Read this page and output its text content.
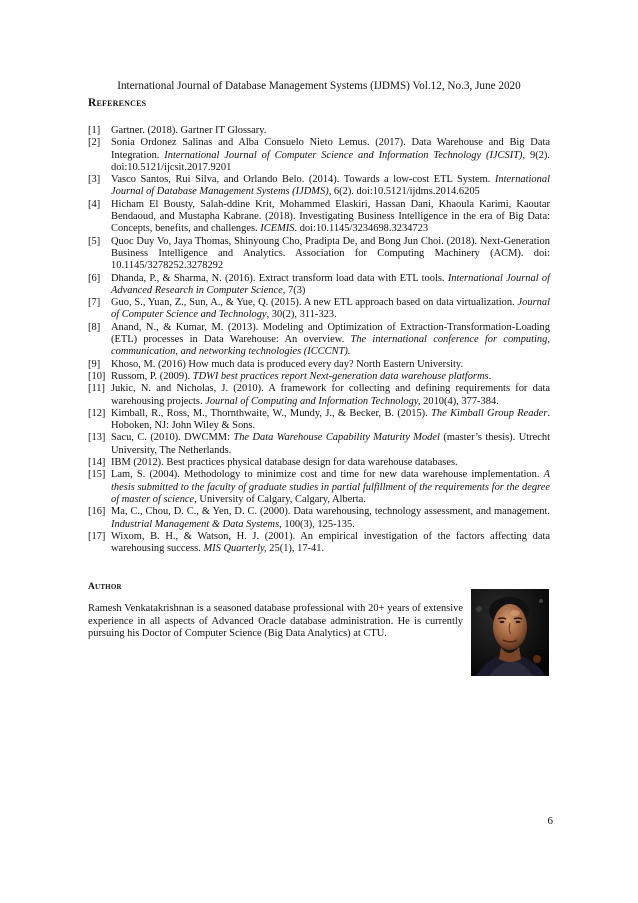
International Journal of Database Management Systems (IJDMS) Vol.12, No.3, June 2020
References
[1] Gartner. (2018). Gartner IT Glossary.
[2] Sonia Ordonez Salinas and Alba Consuelo Nieto Lemus. (2017). Data Warehouse and Big Data Integration. International Journal of Computer Science and Information Technology (IJCSIT), 9(2). doi:10.5121/ijcsit.2017.9201
[3] Vasco Santos, Rui Silva, and Orlando Belo. (2014). Towards a low-cost ETL System. International Journal of Database Management Systems (IJDMS), 6(2). doi:10.5121/ijdms.2014.6205
[4] Hicham El Bousty, Salah-ddine Krit, Mohammed Elaskiri, Hassan Dani, Khaoula Karimi, Kaoutar Bendaoud, and Mustapha Kabrane. (2018). Investigating Business Intelligence in the era of Big Data: Concepts, benefits, and challenges. ICEMIS. doi:10.1145/3234698.3234723
[5] Quoc Duy Vo, Jaya Thomas, Shinyoung Cho, Pradipta De, and Bong Jun Choi. (2018). Next-Generation Business Intelligence and Analytics. Association for Computing Machinery (ACM). doi: 10.1145/3278252.3278292
[6] Dhanda, P., & Sharma, N. (2016). Extract transform load data with ETL tools. International Journal of Advanced Research in Computer Science, 7(3)
[7] Guo, S., Yuan, Z., Sun, A., & Yue, Q. (2015). A new ETL approach based on data virtualization. Journal of Computer Science and Technology, 30(2), 311-323.
[8] Anand, N., & Kumar, M. (2013). Modeling and Optimization of Extraction-Transformation-Loading (ETL) processes in Data Warehouse: An overview. The international conference for computing, communication, and networking technologies (ICCCNT).
[9] Khoso, M. (2016) How much data is produced every day? North Eastern University.
[10] Russom, P. (2009). TDWI best practices report Next-generation data warehouse platforms.
[11] Jukic, N. and Nicholas, J. (2010). A framework for collecting and defining requirements for data warehousing projects. Journal of Computing and Information Technology, 2010(4), 377-384.
[12] Kimball, R., Ross, M., Thornthwaite, W., Mundy, J., & Becker, B. (2015). The Kimball Group Reader. Hoboken, NJ: John Wiley & Sons.
[13] Sacu, C. (2010). DWCMM: The Data Warehouse Capability Maturity Model (master’s thesis). Utrecht University, The Netherlands.
[14] IBM (2012). Best practices physical database design for data warehouse databases.
[15] Lam, S. (2004). Methodology to minimize cost and time for new data warehouse implementation. A thesis submitted to the faculty of graduate studies in partial fulfillment of the requirements for the degree of master of science, University of Calgary, Calgary, Alberta.
[16] Ma, C., Chou, D. C., & Yen, D. C. (2000). Data warehousing, technology assessment, and management. Industrial Management & Data Systems, 100(3), 125-135.
[17] Wixom, B. H., & Watson, H. J. (2001). An empirical investigation of the factors affecting data warehousing success. MIS Quarterly, 25(1), 17-41.
Author
Ramesh Venkatakrishnan is a seasoned database professional with 20+ years of extensive experience in all aspects of Advanced Oracle database administration. He is currently pursuing his Doctor of Computer Science (Big Data Analytics) at CTU.
6
